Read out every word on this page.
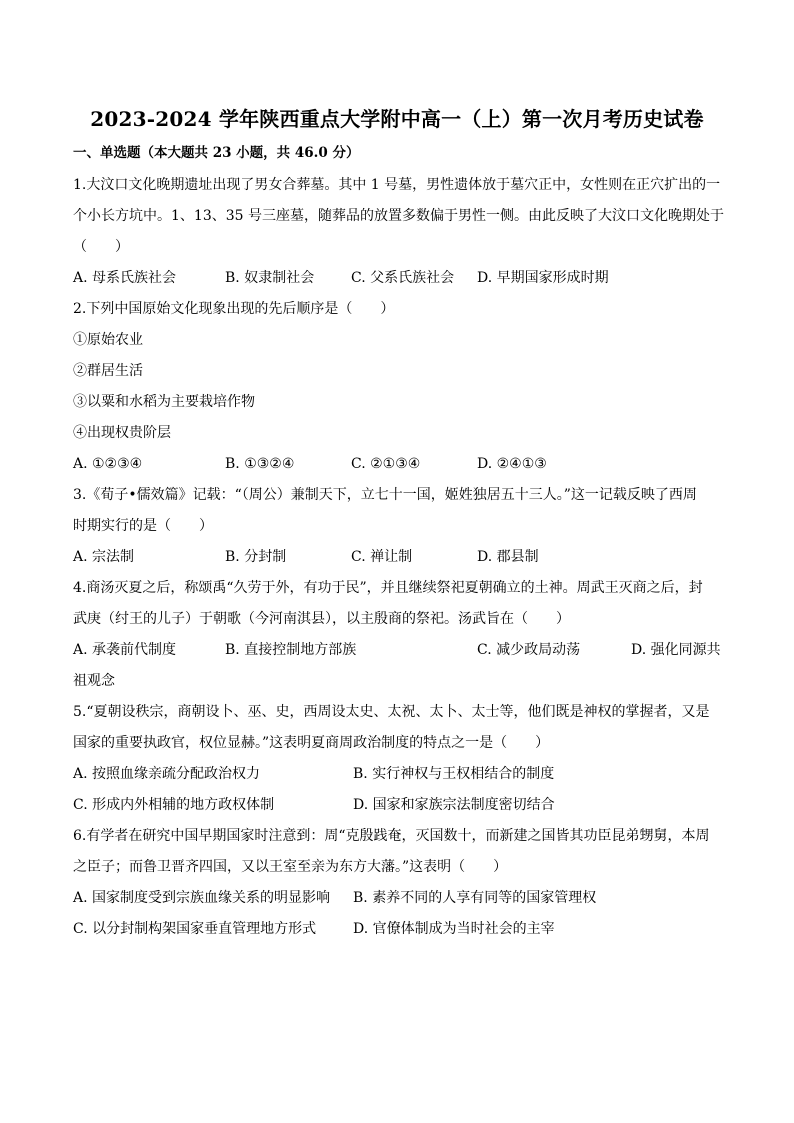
2023-2024 学年陕西重点大学附中高一（上）第一次月考历史试卷
一、单选题（本大题共 23 小题，共 46.0 分）
1.大汶口文化晚期遗址出现了男女合葬墓。其中 1 号墓，男性遗体放于墓穴正中，女性则在正穴扩出的一
个小长方坑中。1、13、35 号三座墓，随葬品的放置多数偏于男性一侧。由此反映了大汶口文化晚期处于
（　　）
A. 母系氏族社会	B. 奴隶制社会	C. 父系氏族社会	D. 早期国家形成时期
2.下列中国原始文化现象出现的先后顺序是（　　）
①原始农业
②群居生活
③以粟和水稻为主要栽培作物
④出现权贵阶层
A. ①②③④	B. ①③②④	C. ②①③④	D. ②④①③
3.《荀子•儒效篇》记载：“（周公）兼制天下，立七十一国，姬姓独居五十三人。”这一记载反映了西周
时期实行的是（　　）
A. 宗法制	B. 分封制	C. 禅让制	D. 郡县制
4.商汤灭夏之后，称颂禹“久劳于外，有功于民”，并且继续祭祀夏朝确立的土神。周武王灭商之后，封
武庚（纣王的儿子）于朝歌（今河南淇县），以主殷商的祭祀。汤武旨在（　　）
A. 承袭前代制度	B. 直接控制地方部族	C. 减少政局动荡	D. 强化同源共
祖观念
5.“夏朝设秩宗，商朝设卜、巫、史，西周设太史、太祝、太卜、太士等，他们既是神权的掌握者，又是
国家的重要执政官，权位显赫。”这表明夏商周政治制度的特点之一是（　　）
A. 按照血缘亲疏分配政治权力	B. 实行神权与王权相结合的制度
C. 形成内外相辅的地方政权体制	D. 国家和家族宗法制度密切结合
6.有学者在研究中国早期国家时注意到：周“克殷践奄，灭国数十，而新建之国皆其功臣昆弟甥舅，本周
之臣子；而鲁卫晋齐四国，又以王室至亲为东方大藩。”这表明（　　）
A. 国家制度受到宗族血缘关系的明显影响	B. 素养不同的人享有同等的国家管理权
C. 以分封制构架国家垂直管理地方形式	D. 官僚体制成为当时社会的主宰
